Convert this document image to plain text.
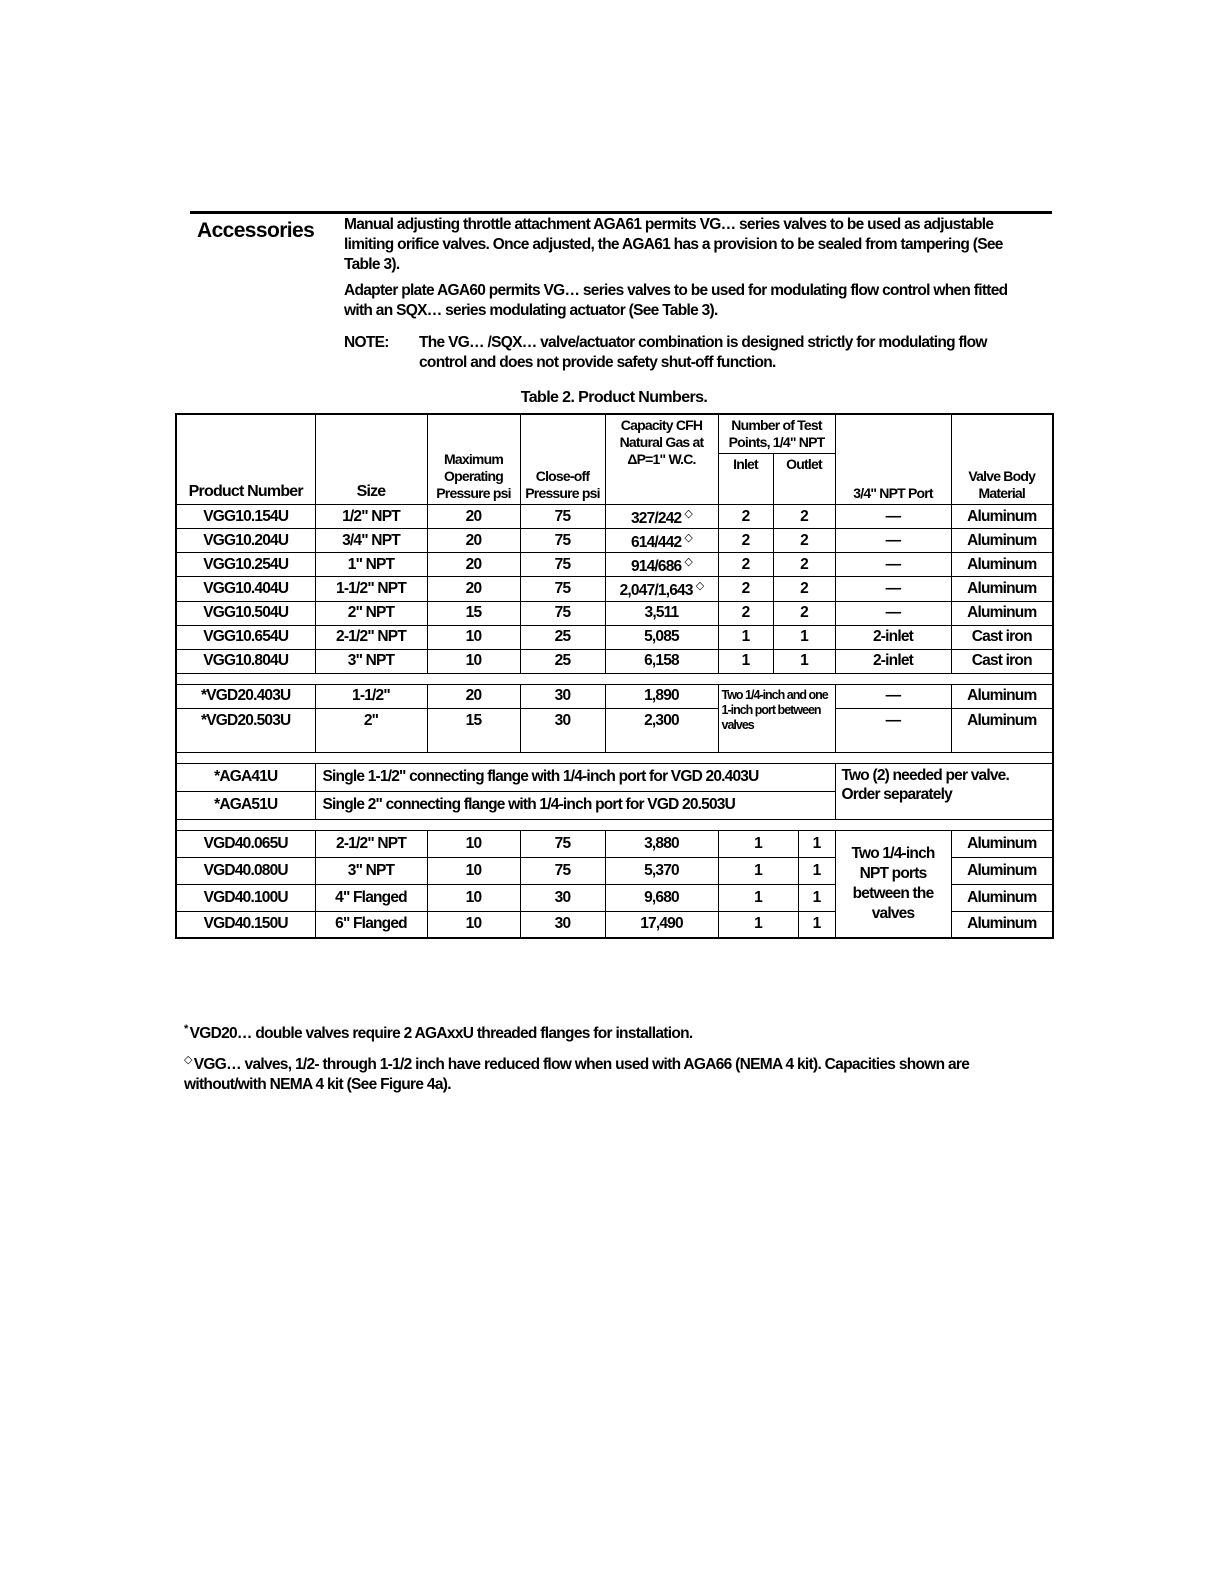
Accessories Manual adjusting throttle attachment AGA61 permits VG… series valves to be used as adjustable limiting orifice valves. Once adjusted, the AGA61 has a provision to be sealed from tampering (See Table 3).

Adapter plate AGA60 permits VG… series valves to be used for modulating flow control when fitted with an SQX… series modulating actuator (See Table 3).

NOTE:	The VG… /SQX… valve/actuator combination is designed strictly for modulating flow control and does not provide safety shut-off function.
Table 2. Product Numbers.
Product Number	Size	Maximum Operating Pressure psi	Close-off Pressure psi	Capacity CFH Natural Gas at ΔP=1" W.C.	Number of Test Points, 1/4" NPT			3/4" NPT Port	Valve Body Material
					Inlet	Outlet			
VGG10.154U	1/2" NPT	20	75	327/242 ◇	2	2		—	Aluminum
VGG10.204U	3/4" NPT	20	75	614/442 ◇	2	2		—	Aluminum
VGG10.254U	1" NPT	20	75	914/686 ◇	2	2		—	Aluminum
VGG10.404U	1-1/2" NPT	20	75	2,047/1,643 ◇	2	2		—	Aluminum
VGG10.504U	2" NPT	15	75	3,511	2	2		—	Aluminum
VGG10.654U	2-1/2" NPT	10	25	5,085	1	1		2-inlet	Cast iron
VGG10.804U	3" NPT	10	25	6,158	1	1		2-inlet	Cast iron

*VGD20.403U	1-1/2"	20	30	1,890	Two 1/4-inch and one 1-inch port between valves			—	Aluminum
*VGD20.503U	2"	15	30	2,300				—	Aluminum

*AGA41U	Single 1-1/2" connecting flange with 1/4-inch port for VGD 20.403U							Two (2) needed per valve. Order separately	
*AGA51U	Single 2" connecting flange with 1/4-inch port for VGD 20.503U								

VGD40.065U	2-1/2" NPT	10	75	3,880	1		1	Two 1/4-inch NPT ports between the valves	Aluminum
VGD40.080U	3" NPT	10	75	5,370	1		1		Aluminum
VGD40.100U	4" Flanged	10	30	9,680	1		1		Aluminum
VGD40.150U	6" Flanged	10	30	17,490	1		1		Aluminum

* VGD20… double valves require 2 AGAxxU threaded flanges for installation.

◇ VGG… valves, 1/2- through 1-1/2 inch have reduced flow when used with AGA66 (NEMA 4 kit). Capacities shown are without/with NEMA 4 kit (See Figure 4a).
